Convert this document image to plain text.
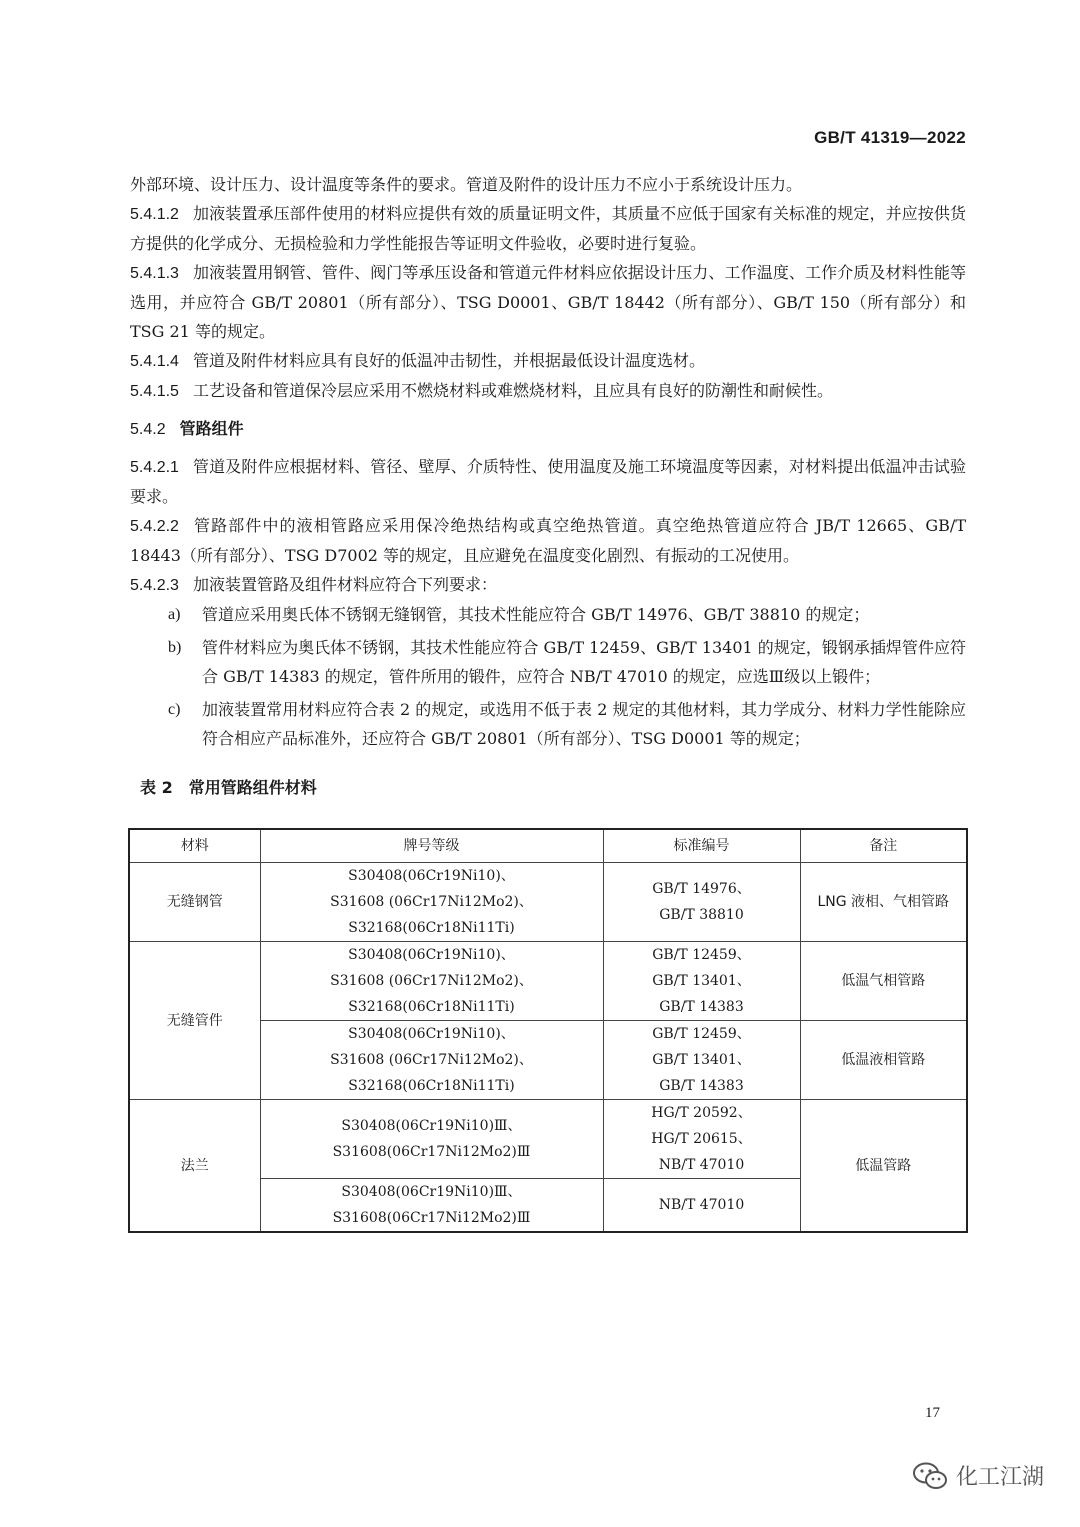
GB/T 41319—2022

外部环境、设计压力、设计温度等条件的要求。管道及附件的设计压力不应小于系统设计压力。

5.4.1.2 加液装置承压部件使用的材料应提供有效的质量证明文件，其质量不应低于国家有关标准的规定，并应按供货方提供的化学成分、无损检验和力学性能报告等证明文件验收，必要时进行复验。

5.4.1.3 加液装置用钢管、管件、阀门等承压设备和管道元件材料应依据设计压力、工作温度、工作介质及材料性能等选用，并应符合 GB/T 20801（所有部分）、TSG D0001、GB/T 18442（所有部分）、GB/T 150（所有部分）和 TSG 21 等的规定。

5.4.1.4 管道及附件材料应具有良好的低温冲击韧性，并根据最低设计温度选材。

5.4.1.5 工艺设备和管道保冷层应采用不燃烧材料或难燃烧材料，且应具有良好的防潮性和耐候性。

5.4.2 管路组件

5.4.2.1 管道及附件应根据材料、管径、壁厚、介质特性、使用温度及施工环境温度等因素，对材料提出低温冲击试验要求。

5.4.2.2 管路部件中的液相管路应采用保冷绝热结构或真空绝热管道。真空绝热管道应符合 JB/T 12665、GB/T 18443（所有部分）、TSG D7002 等的规定，且应避免在温度变化剧烈、有振动的工况使用。

5.4.2.3 加液装置管路及组件材料应符合下列要求：

a) 管道应采用奥氏体不锈钢无缝钢管，其技术性能应符合 GB/T 14976、GB/T 38810 的规定；

b) 管件材料应为奥氏体不锈钢，其技术性能应符合 GB/T 12459、GB/T 13401 的规定，锻钢承插焊管件应符合 GB/T 14383 的规定，管件所用的锻件，应符合 NB/T 47010 的规定，应选Ⅲ级以上锻件；

c) 加液装置常用材料应符合表 2 的规定，或选用不低于表 2 规定的其他材料，其力学成分、材料力学性能除应符合相应产品标准外，还应符合 GB/T 20801（所有部分）、TSG D0001 等的规定；

表 2　常用管路组件材料

材料	牌号等级	标准编号	备注
无缝钢管	S30408(06Cr19Ni10)、
S31608 (06Cr17Ni12Mo2)、
S32168(06Cr18Ni11Ti)	GB/T 14976、
GB/T 38810	LNG 液相、气相管路
无缝管件	S30408(06Cr19Ni10)、
S31608 (06Cr17Ni12Mo2)、
S32168(06Cr18Ni11Ti)	GB/T 12459、
GB/T 13401、
GB/T 14383	低温气相管路

	S30408(06Cr19Ni10)、
S31608 (06Cr17Ni12Mo2)、
S32168(06Cr18Ni11Ti)	GB/T 12459、
GB/T 13401、
GB/T 14383	低温液相管路
法兰	S30408(06Cr19Ni10)Ⅲ、
S31608(06Cr17Ni12Mo2)Ⅲ	HG/T 20592、
HG/T 20615、
NB/T 47010	低温管路

	S30408(06Cr19Ni10)Ⅲ、
S31608(06Cr17Ni12Mo2)Ⅲ	NB/T 47010	
17
化工江湖
